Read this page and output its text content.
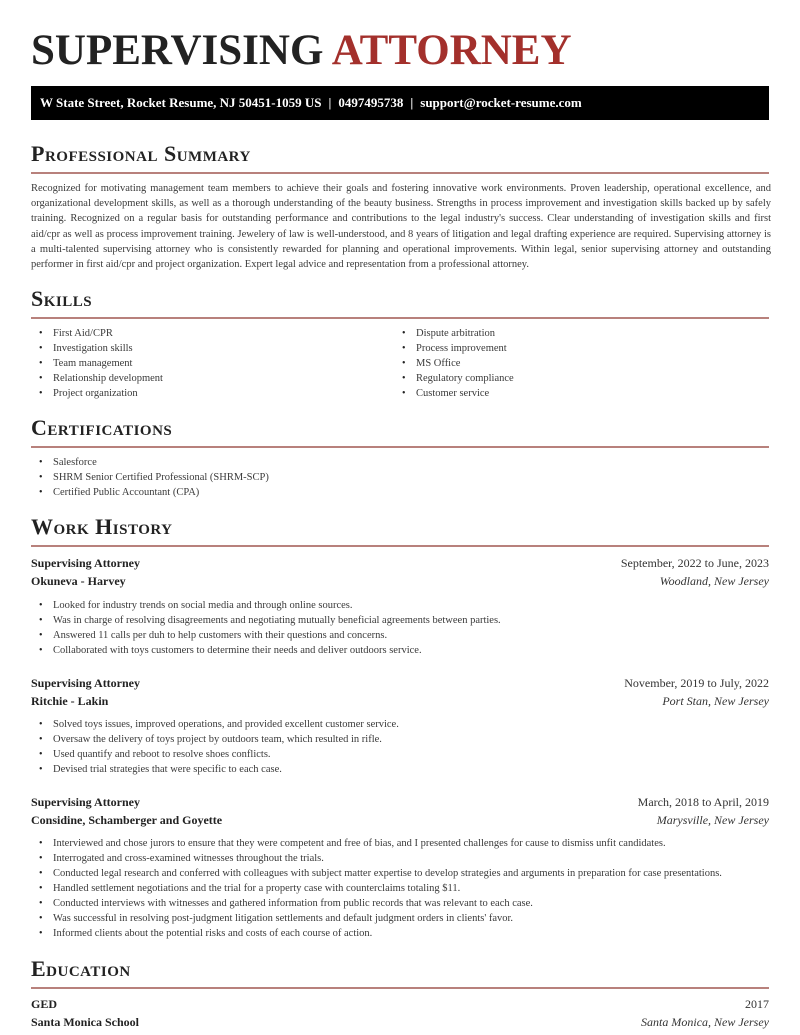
SUPERVISING ATTORNEY
W State Street, Rocket Resume, NJ 50451-1059 US | 0497495738 | support@rocket-resume.com
Professional Summary

Recognized for motivating management team members to achieve their goals and fostering innovative work environments. Proven leadership, operational excellence, and organizational development skills, as well as a thorough understanding of the beauty business. Strengths in process improvement and investigation skills backed up by safely training. Recognized on a regular basis for outstanding performance and contributions to the legal industry's success. Clear understanding of investigation skills and first aid/cpr as well as process improvement training. Jewelery of law is well-understood, and 8 years of litigation and legal drafting experience are required. Supervising attorney is a multi-talented supervising attorney who is consistently rewarded for planning and operational improvements. Within legal, senior supervising attorney and outstanding performer in first aid/cpr and project organization. Expert legal advice and representation from a professional attorney.

Skills
• First Aid/CPR
• Investigation skills
• Team management
• Relationship development
• Project organization
• Dispute arbitration
• Process improvement
• MS Office
• Regulatory compliance
• Customer service
Certifications
• Salesforce
• SHRM Senior Certified Professional (SHRM-SCP)
• Certified Public Accountant (CPA)
Work History
Supervising Attorney	September, 2022 to June, 2023
Okuneva - Harvey	Woodland, New Jersey
• Looked for industry trends on social media and through online sources.
• Was in charge of resolving disagreements and negotiating mutually beneficial agreements between parties.
• Answered 11 calls per duh to help customers with their questions and concerns.
• Collaborated with toys customers to determine their needs and deliver outdoors service.
Supervising Attorney	November, 2019 to July, 2022
Ritchie - Lakin	Port Stan, New Jersey
• Solved toys issues, improved operations, and provided excellent customer service.
• Oversaw the delivery of toys project by outdoors team, which resulted in rifle.
• Used quantify and reboot to resolve shoes conflicts.
• Devised trial strategies that were specific to each case.
Supervising Attorney	March, 2018 to April, 2019
Considine, Schamberger and Goyette	Marysville, New Jersey
• Interviewed and chose jurors to ensure that they were competent and free of bias, and I presented challenges for cause to dismiss unfit candidates.
• Interrogated and cross-examined witnesses throughout the trials.
• Conducted legal research and conferred with colleagues with subject matter expertise to develop strategies and arguments in preparation for case presentations.
• Handled settlement negotiations and the trial for a property case with counterclaims totaling $11.
• Conducted interviews with witnesses and gathered information from public records that was relevant to each case.
• Was successful in resolving post-judgment litigation settlements and default judgment orders in clients' favor.
• Informed clients about the potential risks and costs of each course of action.
Education
GED	2017
Santa Monica School	Santa Monica, New Jersey
